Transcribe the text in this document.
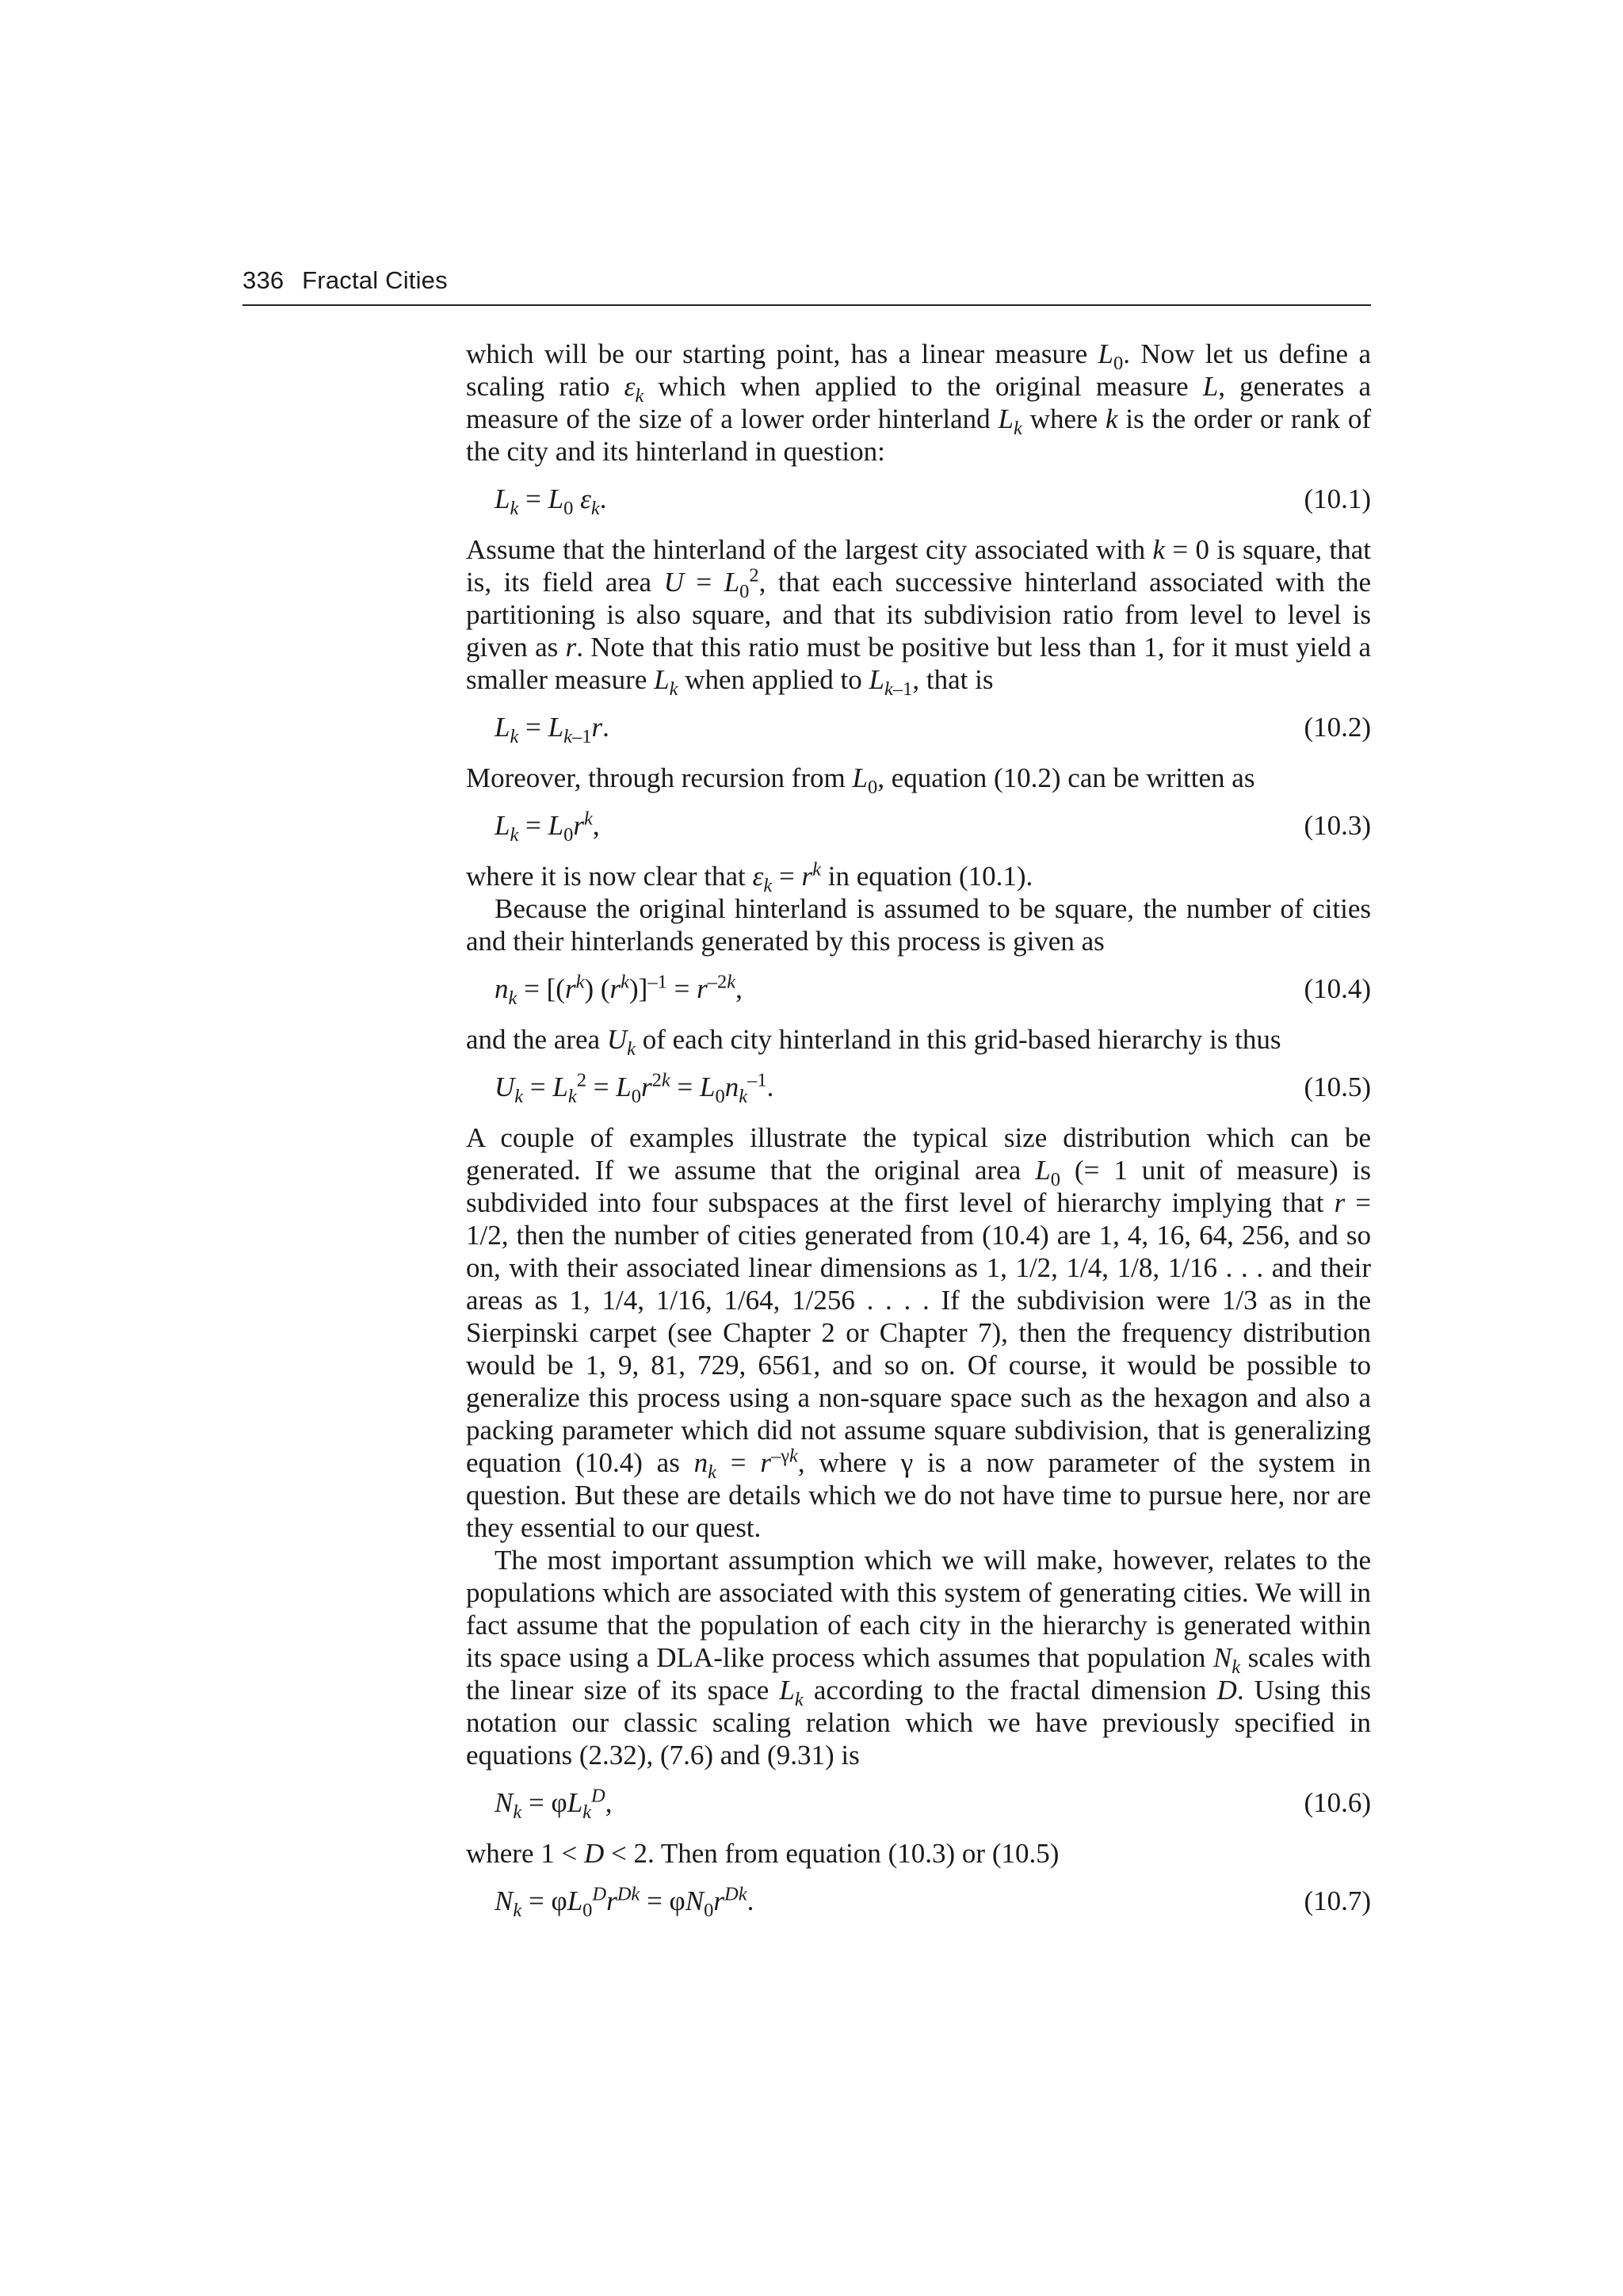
336 Fractal Cities

which will be our starting point, has a linear measure $L_0$. Now let us define a scaling ratio $\varepsilon_k$ which when applied to the original measure L, generates a measure of the size of a lower order hinterland $L_k$ where k is the order or rank of the city and its hinterland in question:

$L_k = L_0$ $\varepsilon_k$.	(10.1)

Assume that the hinterland of the largest city associated with k = 0 is square, that is, its field area $U = L_0^2$, that each successive hinterland associated with the partitioning is also square, and that its subdivision ratio from level to level is given as r. Note that this ratio must be positive but less than 1, for it must yield a smaller measure $L_k$ when applied to $L_{k-1}$, that is

$L_k = L_{k-1}r$.	(10.2)

Moreover, through recursion from $L_0$, equation (10.2) can be written as

$L_k = L_0r^k$,	(10.3)

where it is now clear that $\varepsilon_k = r^k$ in equation (10.1).

Because the original hinterland is assumed to be square, the number of cities and their hinterlands generated by this process is given as

$n_k = [(r^k) (r^k)]^{-1} = r^{-2k}$,	(10.4)

and the area $U_k$ of each city hinterland in this grid-based hierarchy is thus

$U_k = L_k^2 = L_0r^{2k} = L_0n_k^{-1}$.	(10.5)

A couple of examples illustrate the typical size distribution which can be generated. If we assume that the original area $L_0$ (= 1 unit of measure) is subdivided into four subspaces at the first level of hierarchy implying that r = 1/2, then the number of cities generated from (10.4) are 1, 4, 16, 64, 256, and so on, with their associated linear dimensions as 1, 1/2, 1/4, 1/8, 1/16 . . . and their areas as 1, 1/4, 1/16, 1/64, 1/256 . . . . If the subdivision were 1/3 as in the Sierpinski carpet (see Chapter 2 or Chapter 7), then the frequency distribution would be 1, 9, 81, 729, 6561, and so on. Of course, it would be possible to generalize this process using a non-square space such as the hexagon and also a packing parameter which did not assume square subdivision, that is generalizing equation (10.4) as $n_k = r^{-\gamma k}$, where γ is a now parameter of the system in question. But these are details which we do not have time to pursue here, nor are they essential to our quest.

The most important assumption which we will make, however, relates to the populations which are associated with this system of generating cities. We will in fact assume that the population of each city in the hierarchy is generated within its space using a DLA-like process which assumes that population $N_k$ scales with the linear size of its space $L_k$ according to the fractal dimension D. Using this notation our classic scaling relation which we have previously specified in equations (2.32), (7.6) and (9.31) is

$N_k = \varphi L_k^D$,	(10.6)

where 1 < D < 2. Then from equation (10.3) or (10.5)

$N_k = \varphi L_0^Dr^{Dk} = \varphi N_0r^{Dk}$.	(10.7)
